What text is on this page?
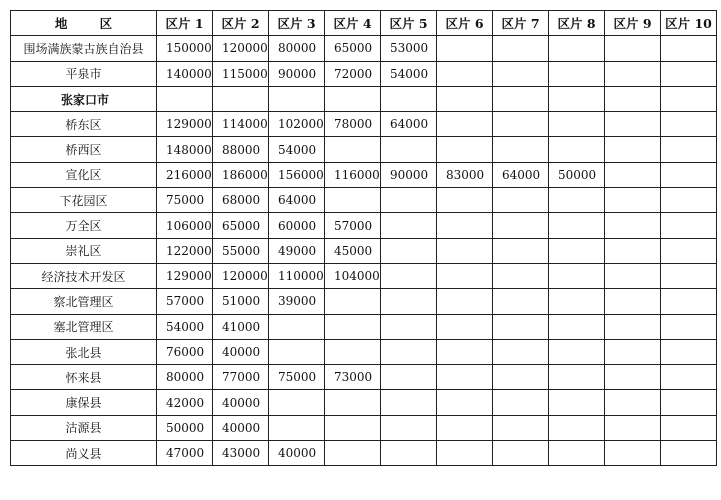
地 区	区片 1	区片 2	区片 3	区片 4	区片 5	区片 6	区片 7	区片 8	区片 9	区片 10
围场满族蒙古族自治县	150000	120000	80000	65000	53000					
平泉市	140000	115000	90000	72000	54000					
张家口市										
桥东区	129000	114000	102000	78000	64000					
桥西区	148000	88000	54000							
宣化区	216000	186000	156000	116000	90000	83000	64000	50000		
下花园区	75000	68000	64000							
万全区	106000	65000	60000	57000						
崇礼区	122000	55000	49000	45000						
经济技术开发区	129000	120000	110000	104000						
察北管理区	57000	51000	39000							
塞北管理区	54000	41000								
张北县	76000	40000								
怀来县	80000	77000	75000	73000						
康保县	42000	40000								
沽源县	50000	40000								
尚义县	47000	43000	40000							
